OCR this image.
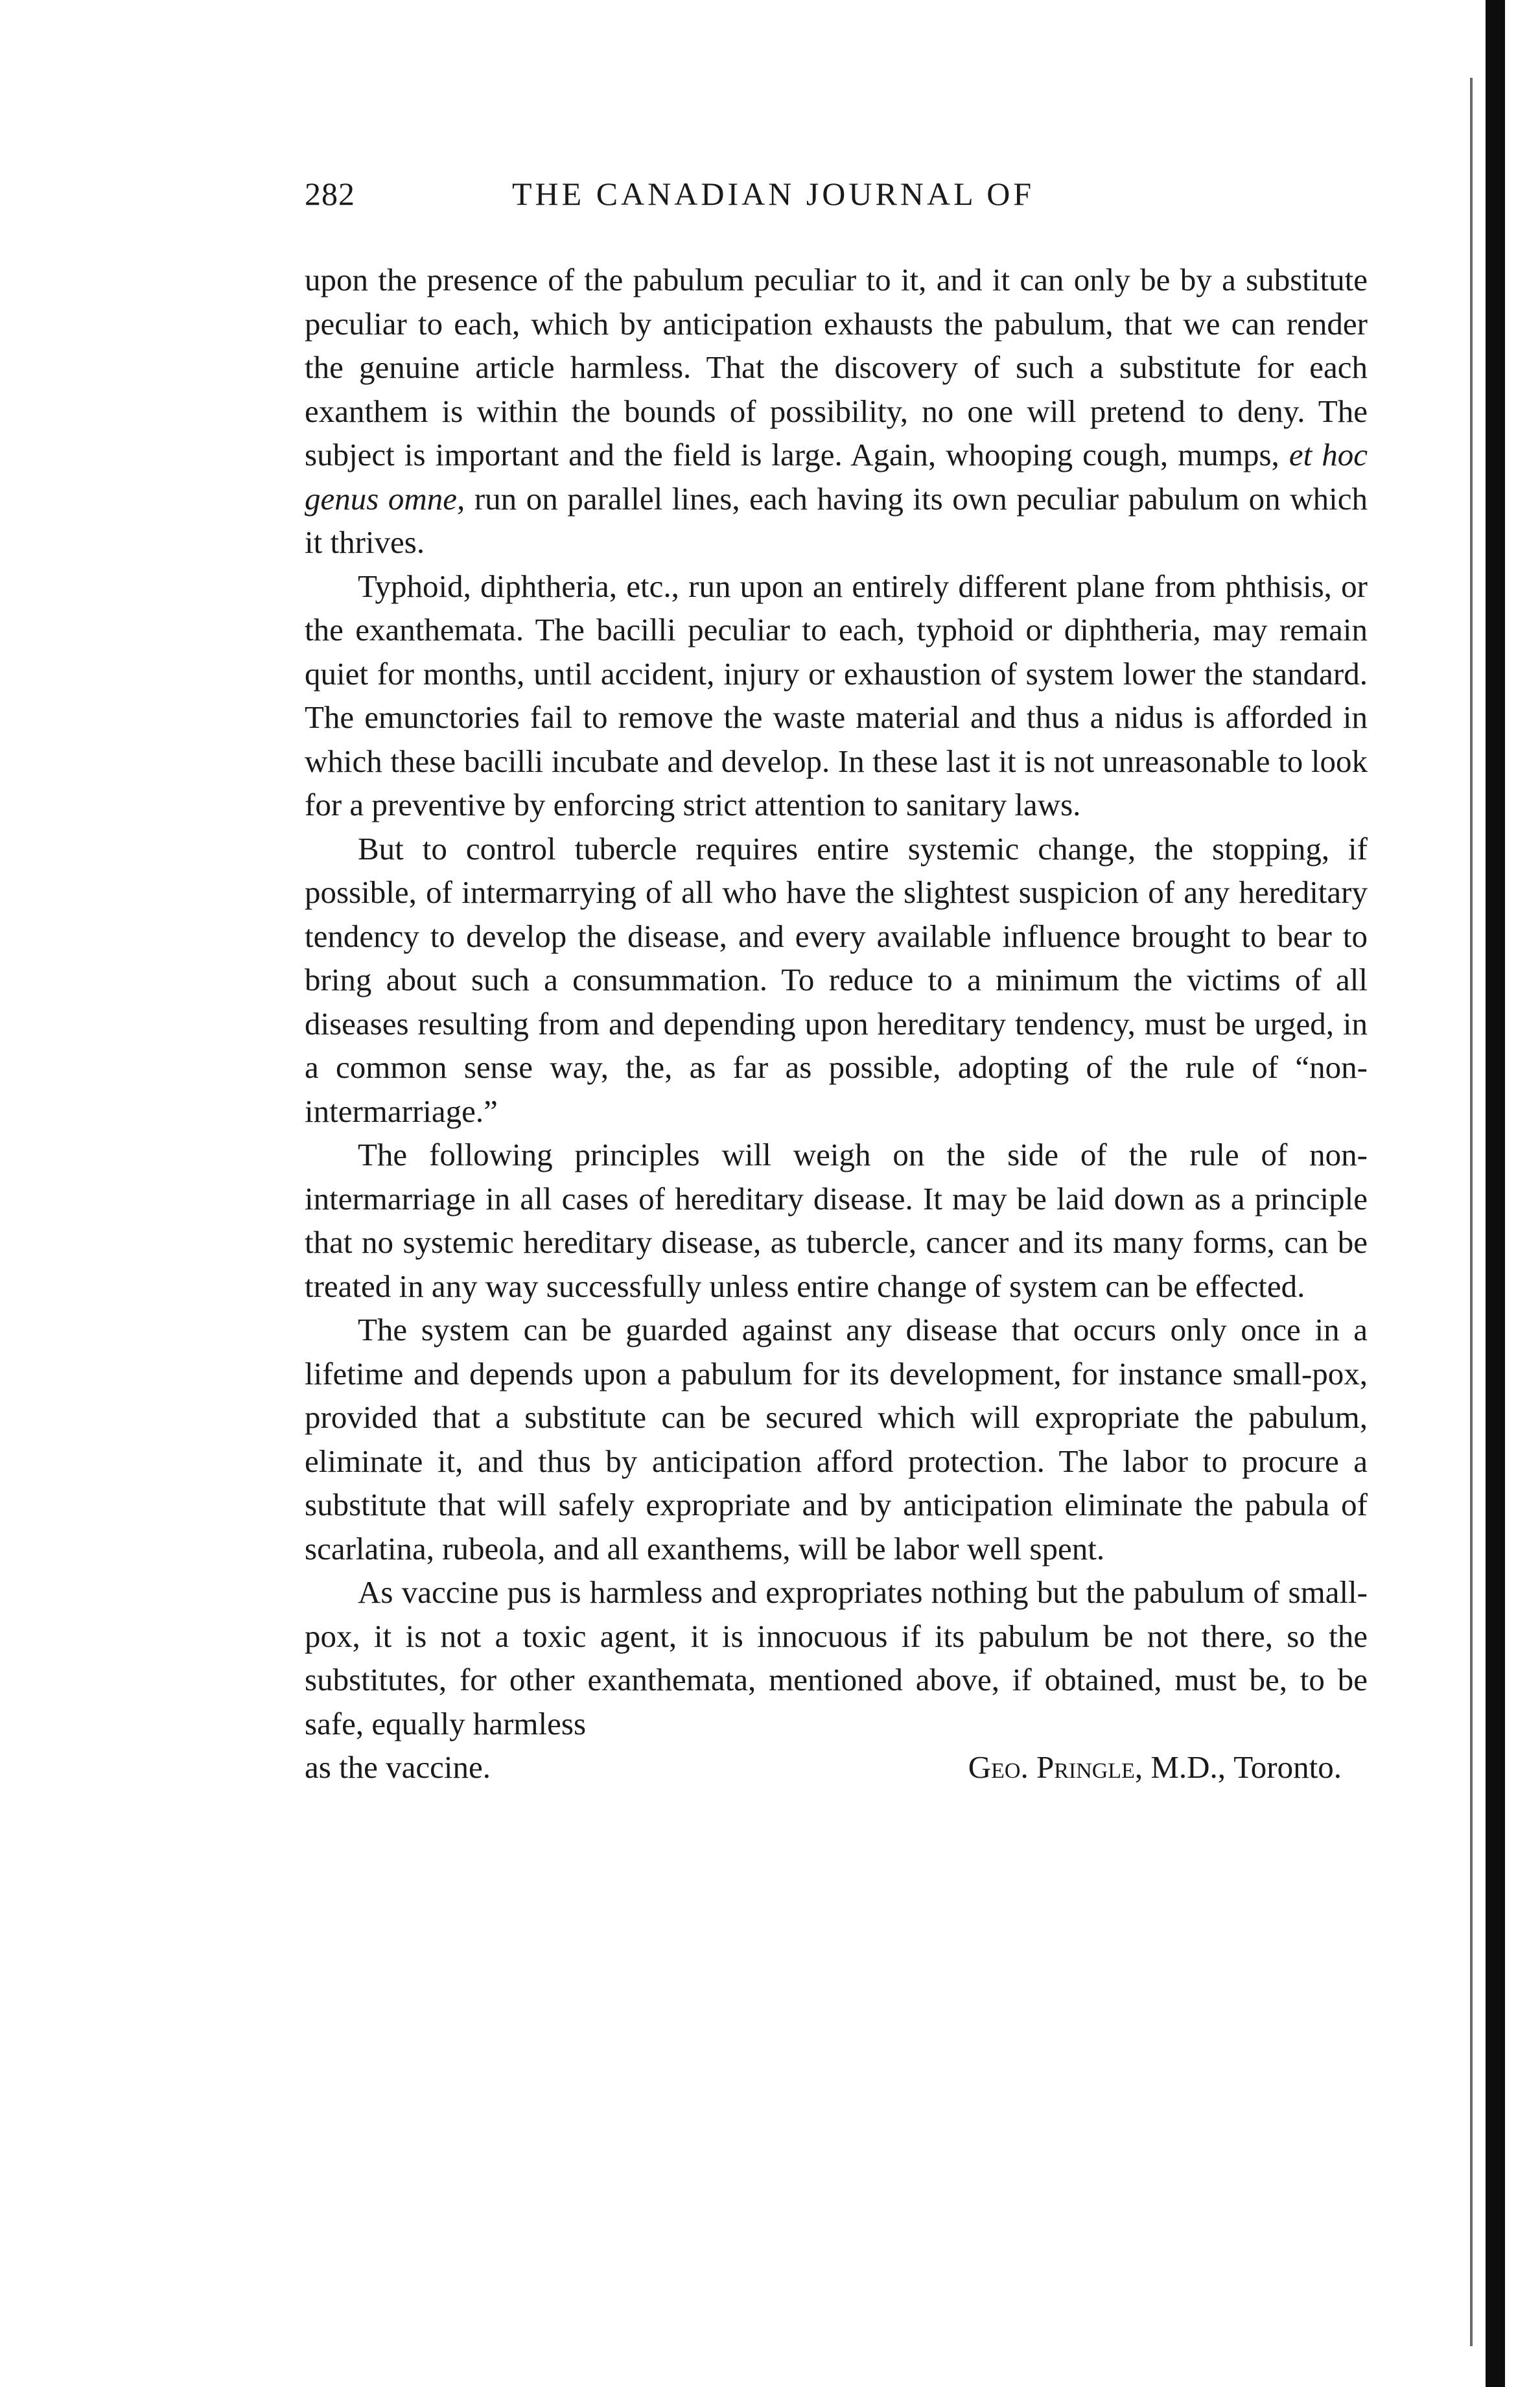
282	THE CANADIAN JOURNAL OF

upon the presence of the pabulum peculiar to it, and it can only be by a substitute peculiar to each, which by anticipation exhausts the pabulum, that we can render the genuine article harmless. That the discovery of such a substitute for each exanthem is within the bounds of possibility, no one will pretend to deny. The subject is important and the field is large. Again, whooping cough, mumps, et hoc genus omne, run on parallel lines, each having its own peculiar pabulum on which it thrives.

Typhoid, diphtheria, etc., run upon an entirely different plane from phthisis, or the exanthemata. The bacilli peculiar to each, typhoid or diphtheria, may remain quiet for months, until accident, injury or exhaustion of system lower the standard. The emunctories fail to remove the waste material and thus a nidus is afforded in which these bacilli incubate and develop. In these last it is not unreasonable to look for a preventive by enforcing strict attention to sanitary laws.

But to control tubercle requires entire systemic change, the stopping, if possible, of intermarrying of all who have the slightest suspicion of any hereditary tendency to develop the disease, and every available influence brought to bear to bring about such a consummation. To reduce to a minimum the victims of all diseases resulting from and depending upon hereditary tendency, must be urged, in a common sense way, the, as far as possible, adopting of the rule of “non-intermarriage.”

The following principles will weigh on the side of the rule of non-intermarriage in all cases of hereditary disease. It may be laid down as a principle that no systemic hereditary disease, as tubercle, cancer and its many forms, can be treated in any way successfully unless entire change of system can be effected.

The system can be guarded against any disease that occurs only once in a lifetime and depends upon a pabulum for its development, for instance small-pox, provided that a substitute can be secured which will expropriate the pabulum, eliminate it, and thus by anticipation afford protection. The labor to procure a substitute that will safely expropriate and by anticipation eliminate the pabula of scarlatina, rubeola, and all exanthems, will be labor well spent.

As vaccine pus is harmless and expropriates nothing but the pabulum of small-pox, it is not a toxic agent, it is innocuous if its pabulum be not there, so the substitutes, for other exanthemata, mentioned above, if obtained, must be, to be safe, equally harmless

as the vaccine.	Geo. Pringle, M.D., Toronto.
